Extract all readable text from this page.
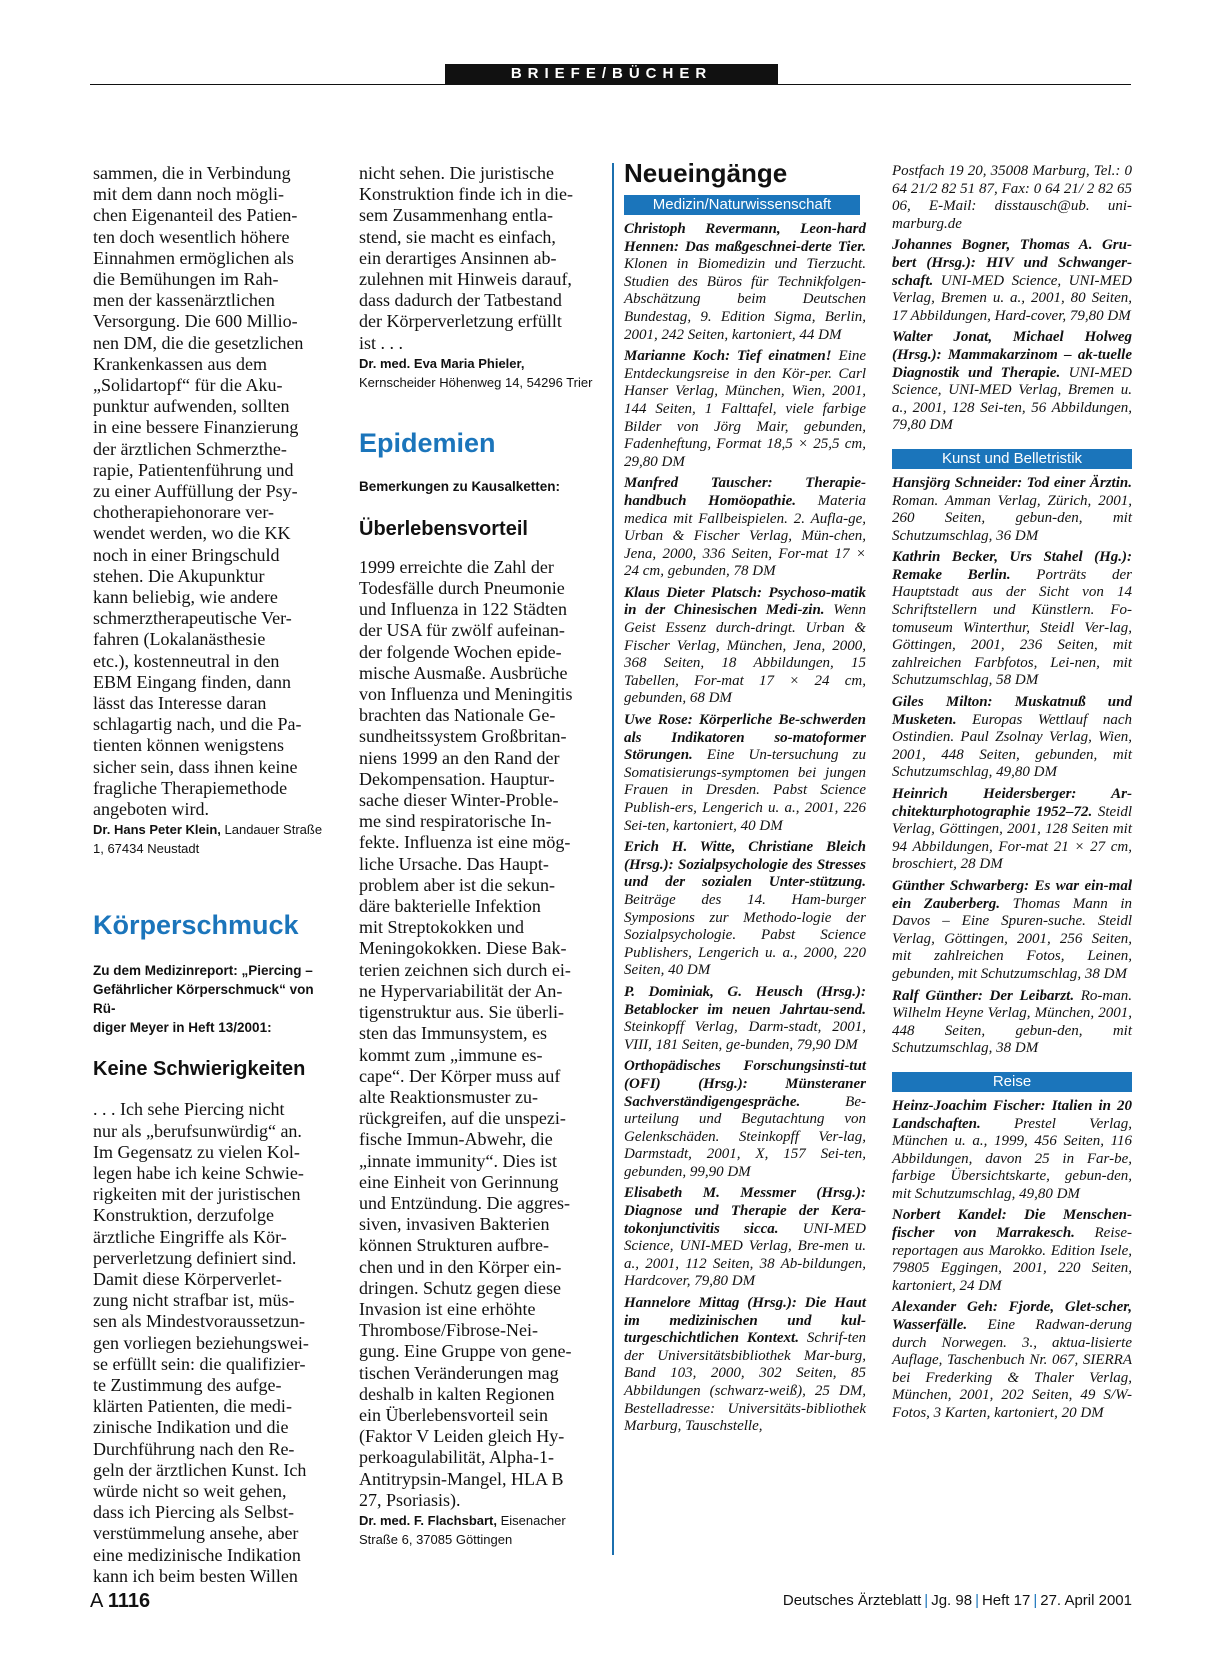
BRIEFE/BÜCHER
sammen, die in Verbindung
mit dem dann noch mögli-
chen Eigenanteil des Patien-
ten doch wesentlich höhere
Einnahmen ermöglichen als
die Bemühungen im Rah-
men der kassenärztlichen
Versorgung. Die 600 Millio-
nen DM, die die gesetzlichen
Krankenkassen aus dem
„Solidartopf“ für die Aku-
punktur aufwenden, sollten
in eine bessere Finanzierung
der ärztlichen Schmerzthe-
rapie, Patientenführung und
zu einer Auffüllung der Psy-
chotherapiehonorare ver-
wendet werden, wo die KK
noch in einer Bringschuld
stehen. Die Akupunktur
kann beliebig, wie andere
schmerztherapeutische Ver-
fahren (Lokalanästhesie
etc.), kostenneutral in den
EBM Eingang finden, dann
lässt das Interesse daran
schlagartig nach, und die Pa-
tienten können wenigstens
sicher sein, dass ihnen keine
fragliche Therapiemethode
angeboten wird.

Dr. Hans Peter Klein, Landauer Straße
1, 67434 Neustadt

Körperschmuck

Zu dem Medizinreport: „Piercing –
Gefährlicher Körperschmuck“ von Rü-
diger Meyer in Heft 13/2001:

Keine Schwierigkeiten

. . . Ich sehe Piercing nicht
nur als „berufsunwürdig“ an.
Im Gegensatz zu vielen Kol-
legen habe ich keine Schwie-
rigkeiten mit der juristischen
Konstruktion, derzufolge
ärztliche Eingriffe als Kör-
perverletzung definiert sind.
Damit diese Körperverlet-
zung nicht strafbar ist, müs-
sen als Mindestvoraussetzun-
gen vorliegen beziehungswei-
se erfüllt sein: die qualifizier-
te Zustimmung des aufge-
klärten Patienten, die medi-
zinische Indikation und die
Durchführung nach den Re-
geln der ärztlichen Kunst. Ich
würde nicht so weit gehen,
dass ich Piercing als Selbst-
verstümmelung ansehe, aber
eine medizinische Indikation
kann ich beim besten Willen
nicht sehen. Die juristische
Konstruktion finde ich in die-
sem Zusammenhang entla-
stend, sie macht es einfach,
ein derartiges Ansinnen ab-
zulehnen mit Hinweis darauf,
dass dadurch der Tatbestand
der Körperverletzung erfüllt
ist . . .

Dr. med. Eva Maria Phieler,
Kernscheider Höhenweg 14, 54296 Trier

Epidemien

Bemerkungen zu Kausalketten:

Überlebensvorteil

1999 erreichte die Zahl der
Todesfälle durch Pneumonie
und Influenza in 122 Städten
der USA für zwölf aufeinan-
der folgende Wochen epide-
mische Ausmaße. Ausbrüche
von Influenza und Meningitis
brachten das Nationale Ge-
sundheitssystem Großbritan-
niens 1999 an den Rand der
Dekompensation. Hauptur-
sache dieser Winter-Proble-
me sind respiratorische In-
fekte. Influenza ist eine mög-
liche Ursache. Das Haupt-
problem aber ist die sekun-
däre bakterielle Infektion
mit Streptokokken und
Meningokokken. Diese Bak-
terien zeichnen sich durch ei-
ne Hypervariabilität der An-
tigenstruktur aus. Sie überli-
sten das Immunsystem, es
kommt zum „immune es-
cape“. Der Körper muss auf
alte Reaktionsmuster zu-
rückgreifen, auf die unspezi-
fische Immun-Abwehr, die
„innate immunity“. Dies ist
eine Einheit von Gerinnung
und Entzündung. Die aggres-
siven, invasiven Bakterien
können Strukturen aufbre-
chen und in den Körper ein-
dringen. Schutz gegen diese
Invasion ist eine erhöhte
Thrombose/Fibrose-Nei-
gung. Eine Gruppe von gene-
tischen Veränderungen mag
deshalb in kalten Regionen
ein Überlebensvorteil sein
(Faktor V Leiden gleich Hy-
perkoagulabilität, Alpha-1-
Antitrypsin-Mangel, HLA B
27, Psoriasis).

Dr. med. F. Flachsbart, Eisenacher
Straße 6, 37085 Göttingen

Neueingänge

Medizin/Naturwissenschaft

Christoph Revermann, Leon-hard Hennen: Das maßgeschnei-derte Tier. Klonen in Biomedizin und Tierzucht. Studien des Büros für Technikfolgen-Abschätzung beim Deutschen Bundestag, 9. Edition Sigma, Berlin, 2001, 242 Seiten, kartoniert, 44 DM

Marianne Koch: Tief einatmen! Eine Entdeckungsreise in den Kör-per. Carl Hanser Verlag, München, Wien, 2001, 144 Seiten, 1 Falttafel, viele farbige Bilder von Jörg Mair, gebunden, Fadenheftung, Format 18,5 × 25,5 cm, 29,80 DM

Manfred Tauscher: Therapie-handbuch Homöopathie. Materia medica mit Fallbeispielen. 2. Aufla-ge, Urban & Fischer Verlag, Mün-chen, Jena, 2000, 336 Seiten, For-mat 17 × 24 cm, gebunden, 78 DM

Klaus Dieter Platsch: Psychoso-matik in der Chinesischen Medi-zin. Wenn Geist Essenz durch-dringt. Urban & Fischer Verlag, München, Jena, 2000, 368 Seiten, 18 Abbildungen, 15 Tabellen, For-mat 17 × 24 cm, gebunden, 68 DM

Uwe Rose: Körperliche Be-schwerden als Indikatoren so-matoformer Störungen. Eine Un-tersuchung zu Somatisierungs-symptomen bei jungen Frauen in Dresden. Pabst Science Publish-ers, Lengerich u. a., 2001, 226 Sei-ten, kartoniert, 40 DM

Erich H. Witte, Christiane Bleich (Hrsg.): Sozialpsychologie des Stresses und der sozialen Unter-stützung. Beiträge des 14. Ham-burger Symposions zur Methodo-logie der Sozialpsychologie. Pabst Science Publishers, Lengerich u. a., 2000, 220 Seiten, 40 DM

P. Dominiak, G. Heusch (Hrsg.): Betablocker im neuen Jahrtau-send. Steinkopff Verlag, Darm-stadt, 2001, VIII, 181 Seiten, ge-bunden, 79,90 DM

Orthopädisches Forschungsinsti-tut (OFI) (Hrsg.): Münsteraner Sachverständigengespräche. Be-urteilung und Begutachtung von Gelenkschäden. Steinkopff Ver-lag, Darmstadt, 2001, X, 157 Sei-ten, gebunden, 99,90 DM

Elisabeth M. Messmer (Hrsg.): Diagnose und Therapie der Kera-tokonjunctivitis sicca. UNI-MED Science, UNI-MED Verlag, Bre-men u. a., 2001, 112 Seiten, 38 Ab-bildungen, Hardcover, 79,80 DM

Hannelore Mittag (Hrsg.): Die Haut im medizinischen und kul-turgeschichtlichen Kontext. Schrif-ten der Universitätsbibliothek Mar-burg, Band 103, 2000, 302 Seiten, 85 Abbildungen (schwarz-weiß), 25 DM, Bestelladresse: Universitäts-bibliothek Marburg, Tauschstelle,

Postfach 19 20, 35008 Marburg, Tel.: 0 64 21/2 82 51 87, Fax: 0 64 21/ 2 82 65 06, E-Mail: disstausch@ub. uni-marburg.de

Johannes Bogner, Thomas A. Gru-bert (Hrsg.): HIV und Schwanger-schaft. UNI-MED Science, UNI-MED Verlag, Bremen u. a., 2001, 80 Seiten, 17 Abbildungen, Hard-cover, 79,80 DM

Walter Jonat, Michael Holweg (Hrsg.): Mammakarzinom – ak-tuelle Diagnostik und Therapie. UNI-MED Science, UNI-MED Verlag, Bremen u. a., 2001, 128 Sei-ten, 56 Abbildungen, 79,80 DM

Kunst und Belletristik

Hansjörg Schneider: Tod einer Ärztin. Roman. Amman Verlag, Zürich, 2001, 260 Seiten, gebun-den, mit Schutzumschlag, 36 DM

Kathrin Becker, Urs Stahel (Hg.): Remake Berlin. Porträts der Hauptstadt aus der Sicht von 14 Schriftstellern und Künstlern. Fo-tomuseum Winterthur, Steidl Ver-lag, Göttingen, 2001, 236 Seiten, mit zahlreichen Farbfotos, Lei-nen, mit Schutzumschlag, 58 DM

Giles Milton: Muskatnuß und Musketen. Europas Wettlauf nach Ostindien. Paul Zsolnay Verlag, Wien, 2001, 448 Seiten, gebunden, mit Schutzumschlag, 49,80 DM

Heinrich Heidersberger: Ar-chitekturphotographie 1952–72. Steidl Verlag, Göttingen, 2001, 128 Seiten mit 94 Abbildungen, For-mat 21 × 27 cm, broschiert, 28 DM

Günther Schwarberg: Es war ein-mal ein Zauberberg. Thomas Mann in Davos – Eine Spuren-suche. Steidl Verlag, Göttingen, 2001, 256 Seiten, mit zahlreichen Fotos, Leinen, gebunden, mit Schutzumschlag, 38 DM

Ralf Günther: Der Leibarzt. Ro-man. Wilhelm Heyne Verlag, München, 2001, 448 Seiten, gebun-den, mit Schutzumschlag, 38 DM

Reise

Heinz-Joachim Fischer: Italien in 20 Landschaften. Prestel Verlag, München u. a., 1999, 456 Seiten, 116 Abbildungen, davon 25 in Far-be, farbige Übersichtskarte, gebun-den, mit Schutzumschlag, 49,80 DM

Norbert Kandel: Die Menschen-fischer von Marrakesch. Reise-reportagen aus Marokko. Edition Isele, 79805 Eggingen, 2001, 220 Seiten, kartoniert, 24 DM

Alexander Geh: Fjorde, Glet-scher, Wasserfälle. Eine Radwan-derung durch Norwegen. 3., aktua-lisierte Auflage, Taschenbuch Nr. 067, SIERRA bei Frederking & Thaler Verlag, München, 2001, 202 Seiten, 49 S/W-Fotos, 3 Karten, kartoniert, 20 DM

A 1116	Deutsches Ärzteblatt | Jg. 98 | Heft 17 | 27. April 2001
